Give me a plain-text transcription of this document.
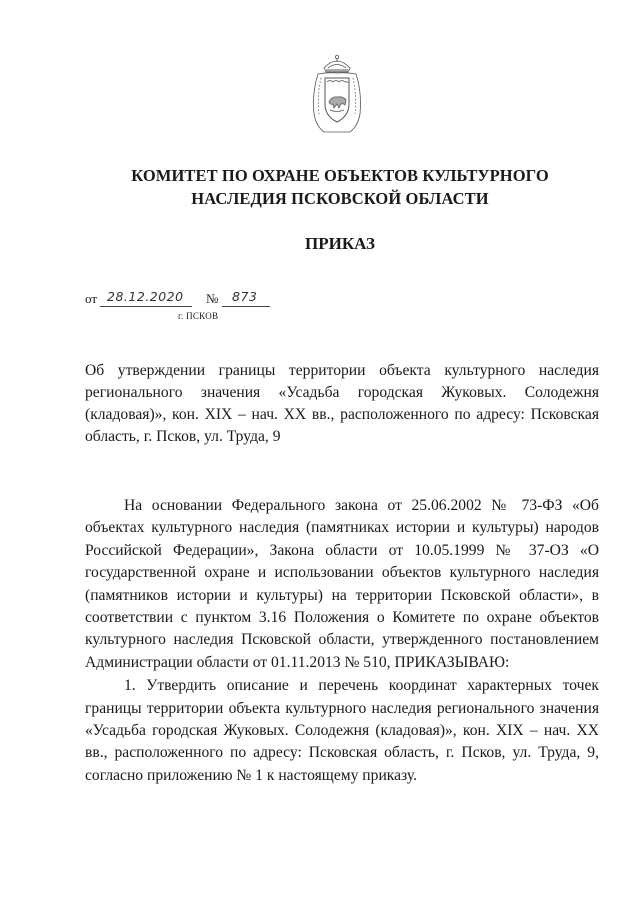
КОМИТЕТ ПО ОХРАНЕ ОБЪЕКТОВ КУЛЬТУРНОГО
НАСЛЕДИЯ ПСКОВСКОЙ ОБЛАСТИ
ПРИКАЗ
от 28.12.2020 № 873
г. ПСКОВ
Об утверждении границы территории объекта культурного наследия регионального значения «Усадьба городская Жуковых. Солодежня (кладовая)», кон. XIX – нач. XX вв., расположенного по адресу: Псковская область, г. Псков, ул. Труда, 9

На основании Федерального закона от 25.06.2002 № 73-ФЗ «Об объектах культурного наследия (памятниках истории и культуры) народов Российской Федерации», Закона области от 10.05.1999 № 37-ОЗ «О государственной охране и использовании объектов культурного наследия (памятников истории и культуры) на территории Псковской области», в соответствии с пунктом 3.16 Положения о Комитете по охране объектов культурного наследия Псковской области, утвержденного постановлением Администрации области от 01.11.2013 № 510, ПРИКАЗЫВАЮ:

1. Утвердить описание и перечень координат характерных точек границы территории объекта культурного наследия регионального значения «Усадьба городская Жуковых. Солодежня (кладовая)», кон. XIX – нач. XX вв., расположенного по адресу: Псковская область, г. Псков, ул. Труда, 9, согласно приложению № 1 к настоящему приказу.
